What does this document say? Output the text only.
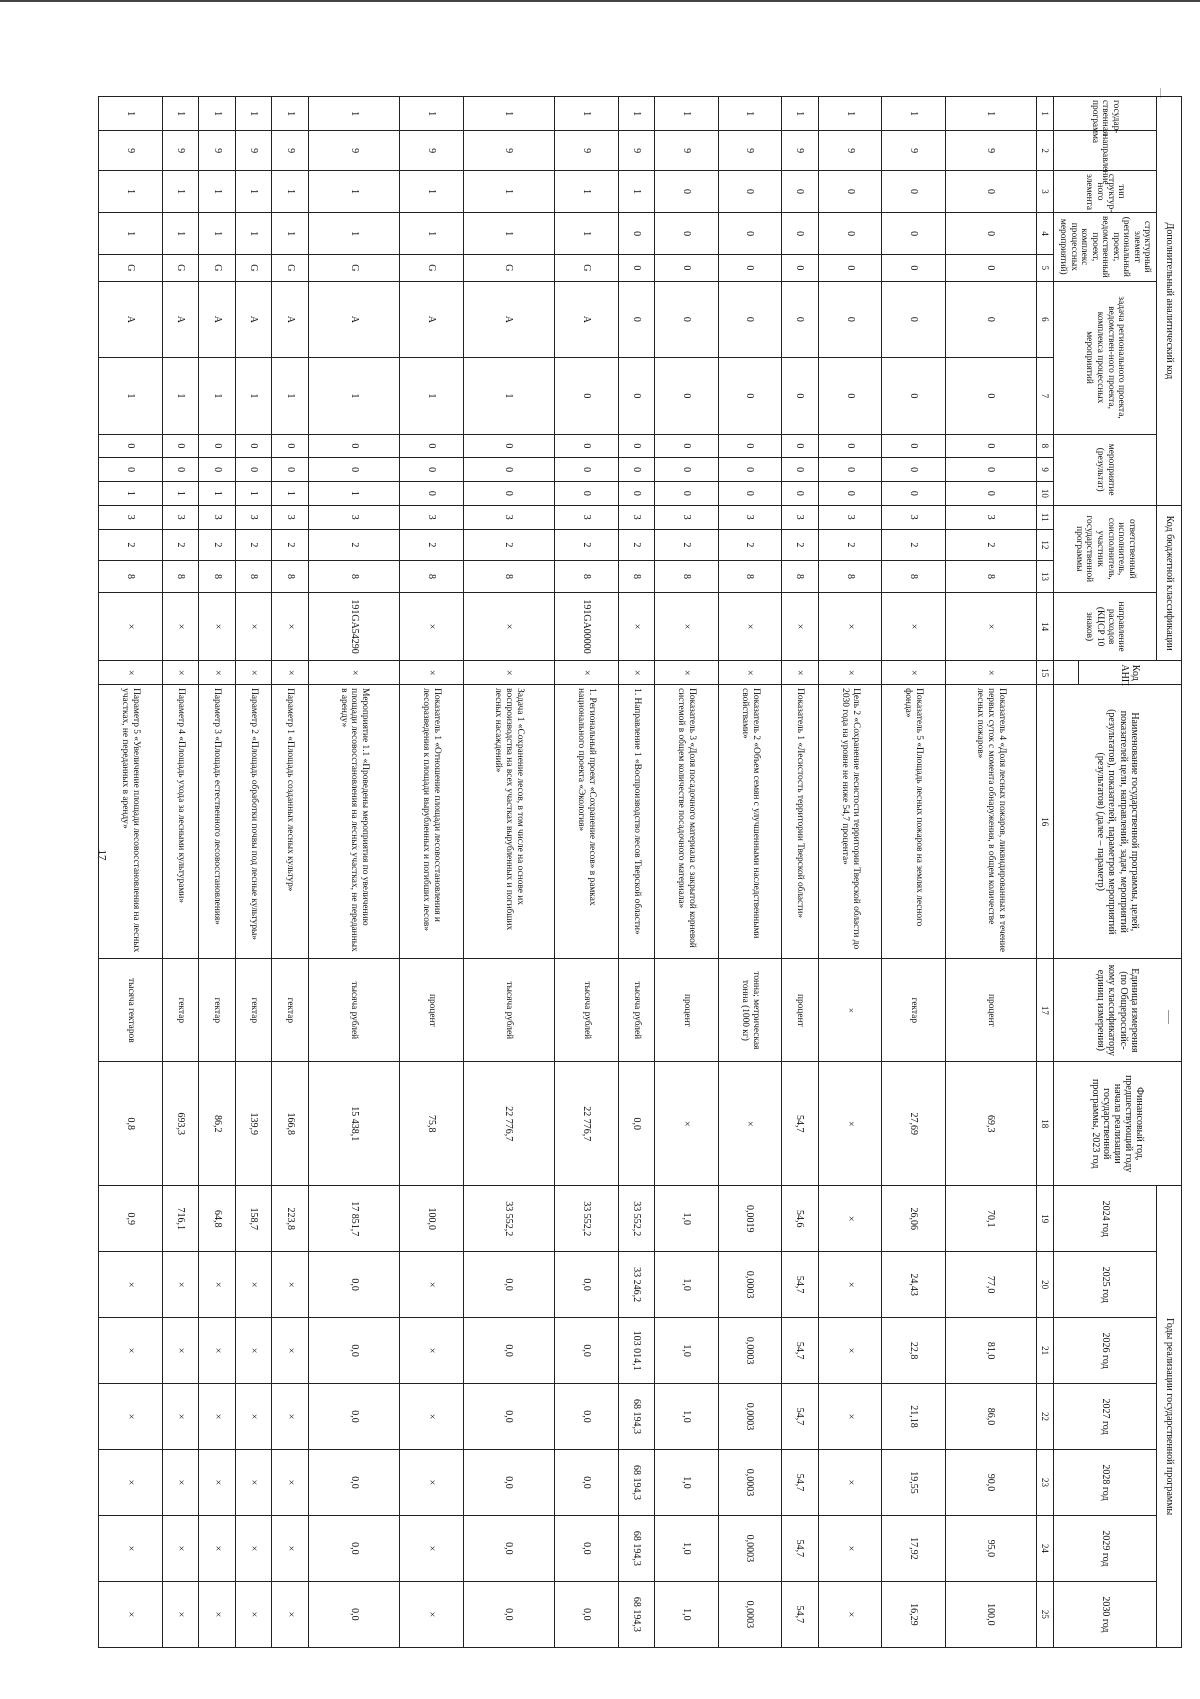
17
Дополнительный аналитический код										Код бюджетной классификации				Код АНП	Наименование государственной программы, целей, показателей цели, направлений, задач, мероприятий (результатов), показателей, параметров мероприятий (результатов) (далее – параметр)	Единица измерения (по Общероссийс-кому классификатору единиц измерения)	Финансовый год, предшествующий году начала реализации государственной программы, 2023 год	Годы реализации государственной программы						
государ-ственная программа	направление	тип структур-ного элемента	структурный элемент (региональный проект, ведомственный проект, комплекс процессных мероприятий)		задача регионального проекта, ведомствен-ного проекта, комплекса процессных мероприятий		мероприятие (результат)			ответственный исполнитель, соисполнитель, участник государственной программы			направление расходов (КЦСР 10 знаков)					2024 год	2025 год	2026 год	2027 год	2028 год	2029 год	2030 год

1	2	3	4	5	6	7	8	9	10	11	12	13	14	15	16	17	18	19	20	21	22	23	24	25
1	9	0	0	0	0	0	0	0	0	3	2	8	×	×	Показатель 4 «Доля лесных пожаров, ликвидированных в течение первых суток с момента обнаружения, в общем количестве лесных пожаров»	процент	69,3	70,1	77,0	81,0	86,0	90,0	95,0	100,0
1	9	0	0	0	0	0	0	0	0	3	2	8	×	×	Показатель 5 «Площадь лесных пожаров на землях лесного фонда»	гектар	27,69	26,06	24,43	22,8	21,18	19,55	17,92	16,29
1	9	0	0	0	0	0	0	0	0	3	2	8	×	×	Цель 2 «Сохранение лесистости территории Тверской области до 2030 года на уровне не ниже 54,7 процента»	×	×	×	×	×	×	×	×	×
1	9	0	0	0	0	0	0	0	0	3	2	8	×	×	Показатель 1 «Лесистость территории Тверской области»	процент	54,7	54,6	54,7	54,7	54,7	54,7	54,7	54,7
1	9	0	0	0	0	0	0	0	0	3	2	8	×	×	Показатель 2 «Объем семян с улучшенными наследственными свойствами»	тонна; метрическая тонна (1000 кг)	×	0,0019	0,0003	0,0003	0,0003	0,0003	0,0003	0,0003
1	9	0	0	0	0	0	0	0	0	3	2	8	×	×	Показатель 3 «Доля посадочного материала с закрытой корневой системой в общем количестве посадочного материала»	процент	×	1,0	1,0	1,0	1,0	1,0	1,0	1,0
1	9	1	0	0	0	0	0	0	0	3	2	8	×	×	1. Направление 1 «Воспроизводство лесов Тверской области»	тысяча рублей	0,0	33 552,2	33 246,2	103 014,1	68 194,3	68 194,3	68 194,3	68 194,3
1	9	1	1	G	A	0	0	0	0	3	2	8	191GA00000	×	1. Региональный проект «Сохранение лесов» в рамках национального проекта «Экология»	тысяча рублей	22 776,7	33 552,2	0,0	0,0	0,0	0,0	0,0	0,0
1	9	1	1	G	A	1	0	0	0	3	2	8	×	×	Задача 1 «Сохранение лесов, в том числе на основе их воспроизводства на всех участках вырубленных и погибших лесных насаждений»	тысяча рублей	22 776,7	33 552,2	0,0	0,0	0,0	0,0	0,0	0,0
1	9	1	1	G	A	1	0	0	0	3	2	8	×	×	Показатель 1 «Отношение площади лесовосстановления и лесоразведения к площади вырубленных и погибших лесов»	процент	75,8	100,0	×	×	×	×	×	×
1	9	1	1	G	A	1	0	0	1	3	2	8	191GA54290	×	Мероприятие 1.1 «Проведены мероприятия по увеличению площади лесовосстановления на лесных участках, не переданных в аренду»	тысяча рублей	15 438,1	17 851,7	0,0	0,0	0,0	0,0	0,0	0,0
1	9	1	1	G	A	1	0	0	1	3	2	8	×	×	Параметр 1 «Площадь созданных лесных культур»	гектар	166,8	223,8	×	×	×	×	×	×
1	9	1	1	G	A	1	0	0	1	3	2	8	×	×	Параметр 2 «Площадь обработки почвы под лесные культуры»	гектар	139,9	158,7	×	×	×	×	×	×
1	9	1	1	G	A	1	0	0	1	3	2	8	×	×	Параметр 3 «Площадь естественного лесовосстановления»	гектар	86,2	64,8	×	×	×	×	×	×
1	9	1	1	G	A	1	0	0	1	3	2	8	×	×	Параметр 4 «Площадь ухода за лесными культурами»	гектар	693,3	716,1	×	×	×	×	×	×
1	9	1	1	G	A	1	0	0	1	3	2	8	×	×	Параметр 5 «Увеличение площади лесовосстановления на лесных участках, не переданных в аренду»	тысяча гектаров	0,8	0,9	×	×	×	×	×	×
